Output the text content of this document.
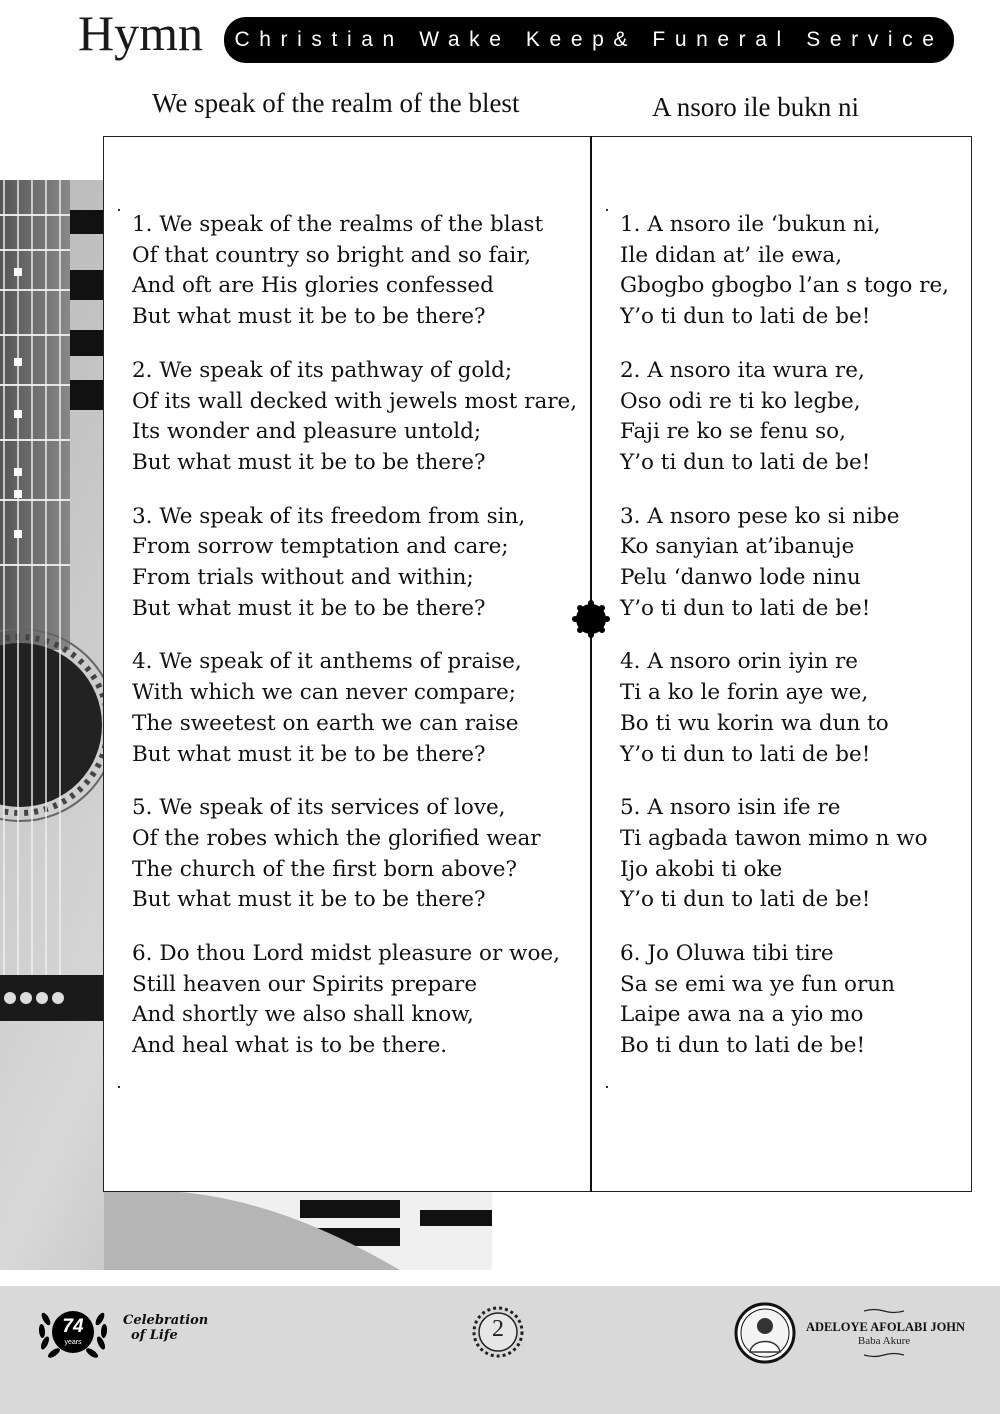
Hymn	Christian Wake Keep& Funeral Service
We speak of the realm of the blest	A nsoro ile bukn ni
1. We speak of the realms of the blast
Of that country so bright and so fair,
And oft are His glories confessed
But what must it be to be there?
2. We speak of its pathway of gold;
Of its wall decked with jewels most rare,
Its wonder and pleasure untold;
But what must it be to be there?
3. We speak of its freedom from sin,
From sorrow temptation and care;
From trials without and within;
But what must it be to be there?
4. We speak of it anthems of praise,
With which we can never compare;
The sweetest on earth we can raise
But what must it be to be there?
5. We speak of its services of love,
Of the robes which the glorified wear
The church of the first born above?
But what must it be to be there?
6. Do thou Lord midst pleasure or woe,
Still heaven our Spirits prepare
And shortly we also shall know,
And heal what is to be there.
1. A nsoro ile ‘bukun ni,
Ile didan at’ ile ewa,
Gbogbo gbogbo l’an s togo re,
Y’o ti dun to lati de be!
2. A nsoro ita wura re,
Oso odi re ti ko legbe,
Faji re ko se fenu so,
Y’o ti dun to lati de be!
3. A nsoro pese ko si nibe
Ko sanyian at’ibanuje
Pelu ‘danwo lode ninu
Y’o ti dun to lati de be!
4. A nsoro orin iyin re
Ti a ko le forin aye we,
Bo ti wu korin wa dun to
Y’o ti dun to lati de be!
5. A nsoro isin ife re
Ti agbada tawon mimo n wo
Ijo akobi ti oke
Y’o ti dun to lati de be!
6. Jo Oluwa tibi tire
Sa se emi wa ye fun orun
Laipe awa na a yio mo
Bo ti dun to lati de be!
74
years
Celebration
of Life	2	ADELOYE AFOLABI JOHN
Baba Akure
